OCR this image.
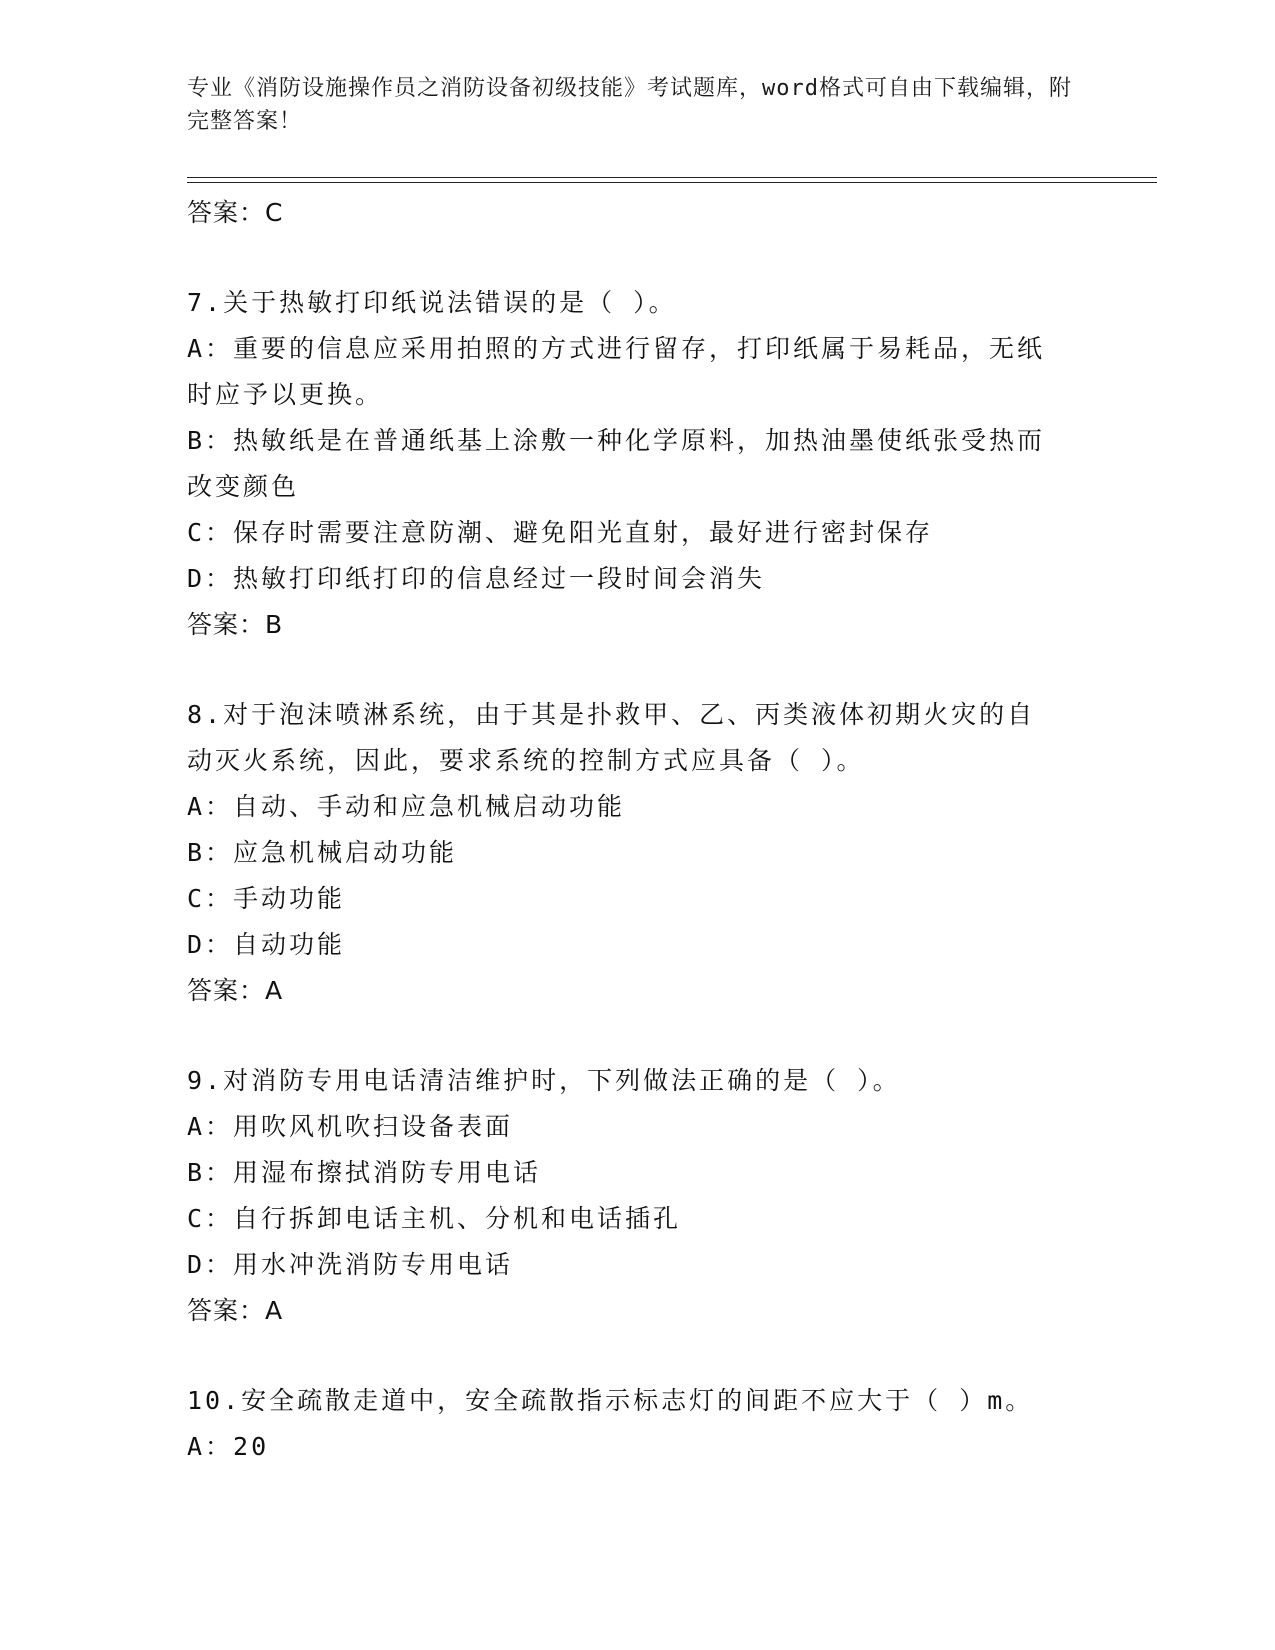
专业《消防设施操作员之消防设备初级技能》考试题库，word格式可自由下载编辑，附完整答案！
答案：C
7.关于热敏打印纸说法错误的是（ ）。
A：重要的信息应采用拍照的方式进行留存，打印纸属于易耗品，无纸
时应予以更换。
B：热敏纸是在普通纸基上涂敷一种化学原料，加热油墨使纸张受热而
改变颜色
C：保存时需要注意防潮、避免阳光直射，最好进行密封保存
D：热敏打印纸打印的信息经过一段时间会消失
答案：B
8.对于泡沫喷淋系统，由于其是扑救甲、乙、丙类液体初期火灾的自
动灭火系统，因此，要求系统的控制方式应具备（ ）。
A：自动、手动和应急机械启动功能
B：应急机械启动功能
C：手动功能
D：自动功能
答案：A
9.对消防专用电话清洁维护时，下列做法正确的是（ ）。
A：用吹风机吹扫设备表面
B：用湿布擦拭消防专用电话
C：自行拆卸电话主机、分机和电话插孔
D：用水冲洗消防专用电话
答案：A
10.安全疏散走道中，安全疏散指示标志灯的间距不应大于（ ）m。
A：20
